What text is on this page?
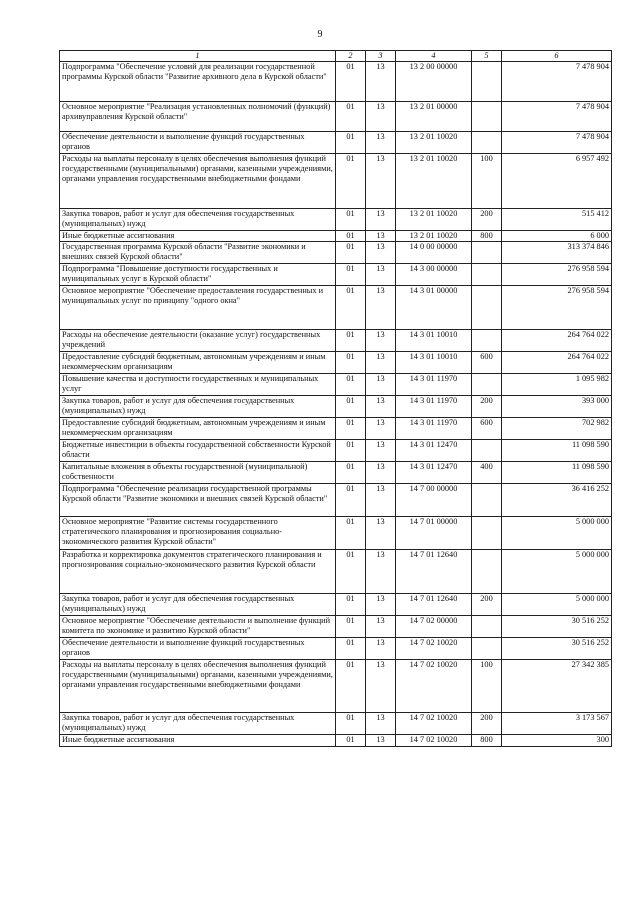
9
1	2	3	4	5	6
Подпрограмма "Обеспечение условий для реализации государственной программы Курской области "Развитие архивного дела в Курской области"	01	13	13 2 00 00000		7 478 904
Основное мероприятие "Реализация установленных полномочий (функций) архивуправления Курской области"	01	13	13 2 01 00000		7 478 904
Обеспечение деятельности и выполнение функций государственных органов	01	13	13 2 01 10020		7 478 904
Расходы на выплаты персоналу в целях обеспечения выполнения функций государственными (муниципальными) органами, казенными учреждениями, органами управления государственными внебюджетными фондами	01	13	13 2 01 10020	100	6 957 492
Закупка товаров, работ и услуг для обеспечения государственных (муниципальных) нужд	01	13	13 2 01 10020	200	515 412
Иные бюджетные ассигнования	01	13	13 2 01 10020	800	6 000
Государственная программа Курской области "Развитие экономики и внешних связей Курской области"	01	13	14 0 00 00000		313 374 846
Подпрограмма "Повышение доступности государственных и муниципальных услуг в Курской области"	01	13	14 3 00 00000		276 958 594
Основное мероприятие "Обеспечение предоставления государственных и муниципальных услуг по принципу "одного окна"	01	13	14 3 01 00000		276 958 594
Расходы на обеспечение деятельности (оказание услуг) государственных учреждений	01	13	14 3 01 10010		264 764 022
Предоставление субсидий бюджетным, автономным учреждениям и иным некоммерческим организациям	01	13	14 3 01 10010	600	264 764 022
Повышение качества и доступности государственных и муниципальных услуг	01	13	14 3 01 11970		1 095 982
Закупка товаров, работ и услуг для обеспечения государственных (муниципальных) нужд	01	13	14 3 01 11970	200	393 000
Предоставление субсидий бюджетным, автономным учреждениям и иным некоммерческим организациям	01	13	14 3 01 11970	600	702 982
Бюджетные инвестиции в объекты государственной собственности Курской области	01	13	14 3 01 12470		11 098 590
Капитальные вложения в объекты государственной (муниципальной) собственности	01	13	14 3 01 12470	400	11 098 590
Подпрограмма "Обеспечение реализации государственной программы Курской области "Развитие экономики и внешних связей Курской области"	01	13	14 7 00 00000		36 416 252
Основное мероприятие "Развитие системы государственного стратегического планирования и прогнозирования социально-экономического развития Курской области"	01	13	14 7 01 00000		5 000 000
Разработка и корректировка документов стратегического планирования и прогнозирования социально-экономического развития Курской области	01	13	14 7 01 12640		5 000 000
Закупка товаров, работ и услуг для обеспечения государственных (муниципальных) нужд	01	13	14 7 01 12640	200	5 000 000
Основное мероприятие "Обеспечение деятельности и выполнение функций комитета по экономике и развитию Курской области"	01	13	14 7 02 00000		30 516 252
Обеспечение деятельности и выполнение функций государственных органов	01	13	14 7 02 10020		30 516 252
Расходы на выплаты персоналу в целях обеспечения выполнения функций государственными (муниципальными) органами, казенными учреждениями, органами управления государственными внебюджетными фондами	01	13	14 7 02 10020	100	27 342 385
Закупка товаров, работ и услуг для обеспечения государственных (муниципальных) нужд	01	13	14 7 02 10020	200	3 173 567
Иные бюджетные ассигнования	01	13	14 7 02 10020	800	300
